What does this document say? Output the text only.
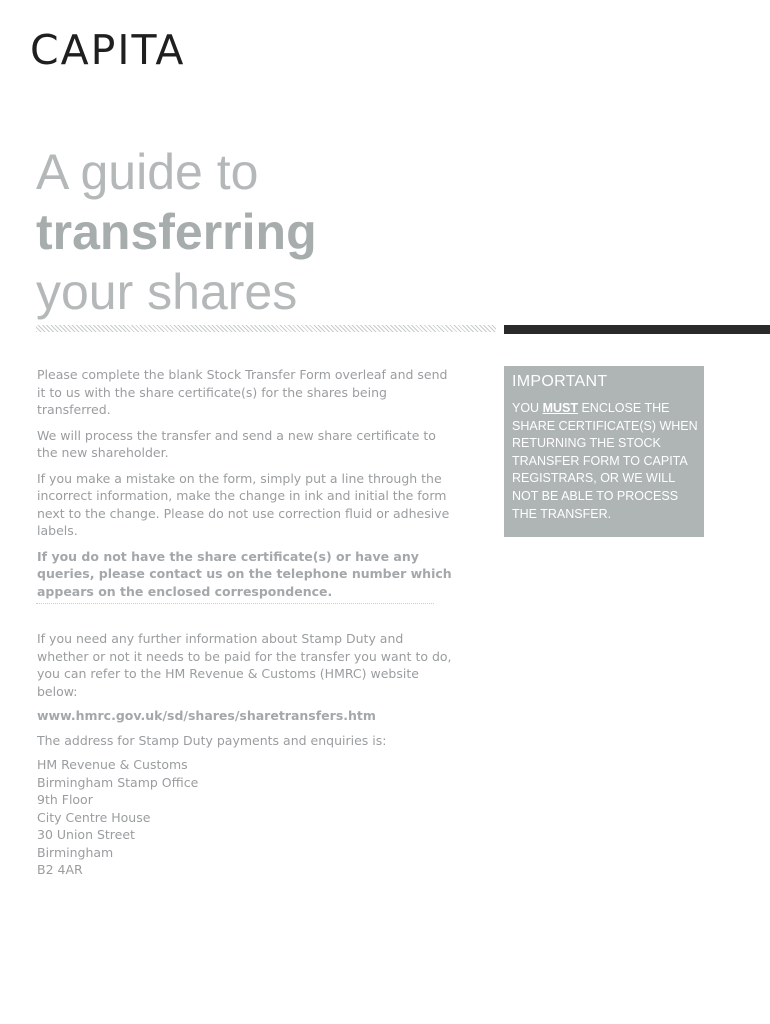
CAPITA
A guide to
transferring
your shares

Please complete the blank Stock Transfer Form overleaf and send it to us with the share certificate(s) for the shares being transferred.

We will process the transfer and send a new share certificate to the new shareholder.

If you make a mistake on the form, simply put a line through the incorrect information, make the change in ink and initial the form next to the change. Please do not use correction fluid or adhesive labels.

If you do not have the share certificate(s) or have any queries, please contact us on the telephone number which appears on the enclosed correspondence.

If you need any further information about Stamp Duty and whether or not it needs to be paid for the transfer you want to do, you can refer to the HM Revenue & Customs (HMRC) website below:

www.hmrc.gov.uk/sd/shares/sharetransfers.htm

The address for Stamp Duty payments and enquiries is:

HM Revenue & Customs
Birmingham Stamp Office
9th Floor
City Centre House
30 Union Street
Birmingham
B2 4AR
IMPORTANT
YOU MUST ENCLOSE THE SHARE CERTIFICATE(S) WHEN RETURNING THE STOCK TRANSFER FORM TO CAPITA REGISTRARS, OR WE WILL NOT BE ABLE TO PROCESS THE TRANSFER.
